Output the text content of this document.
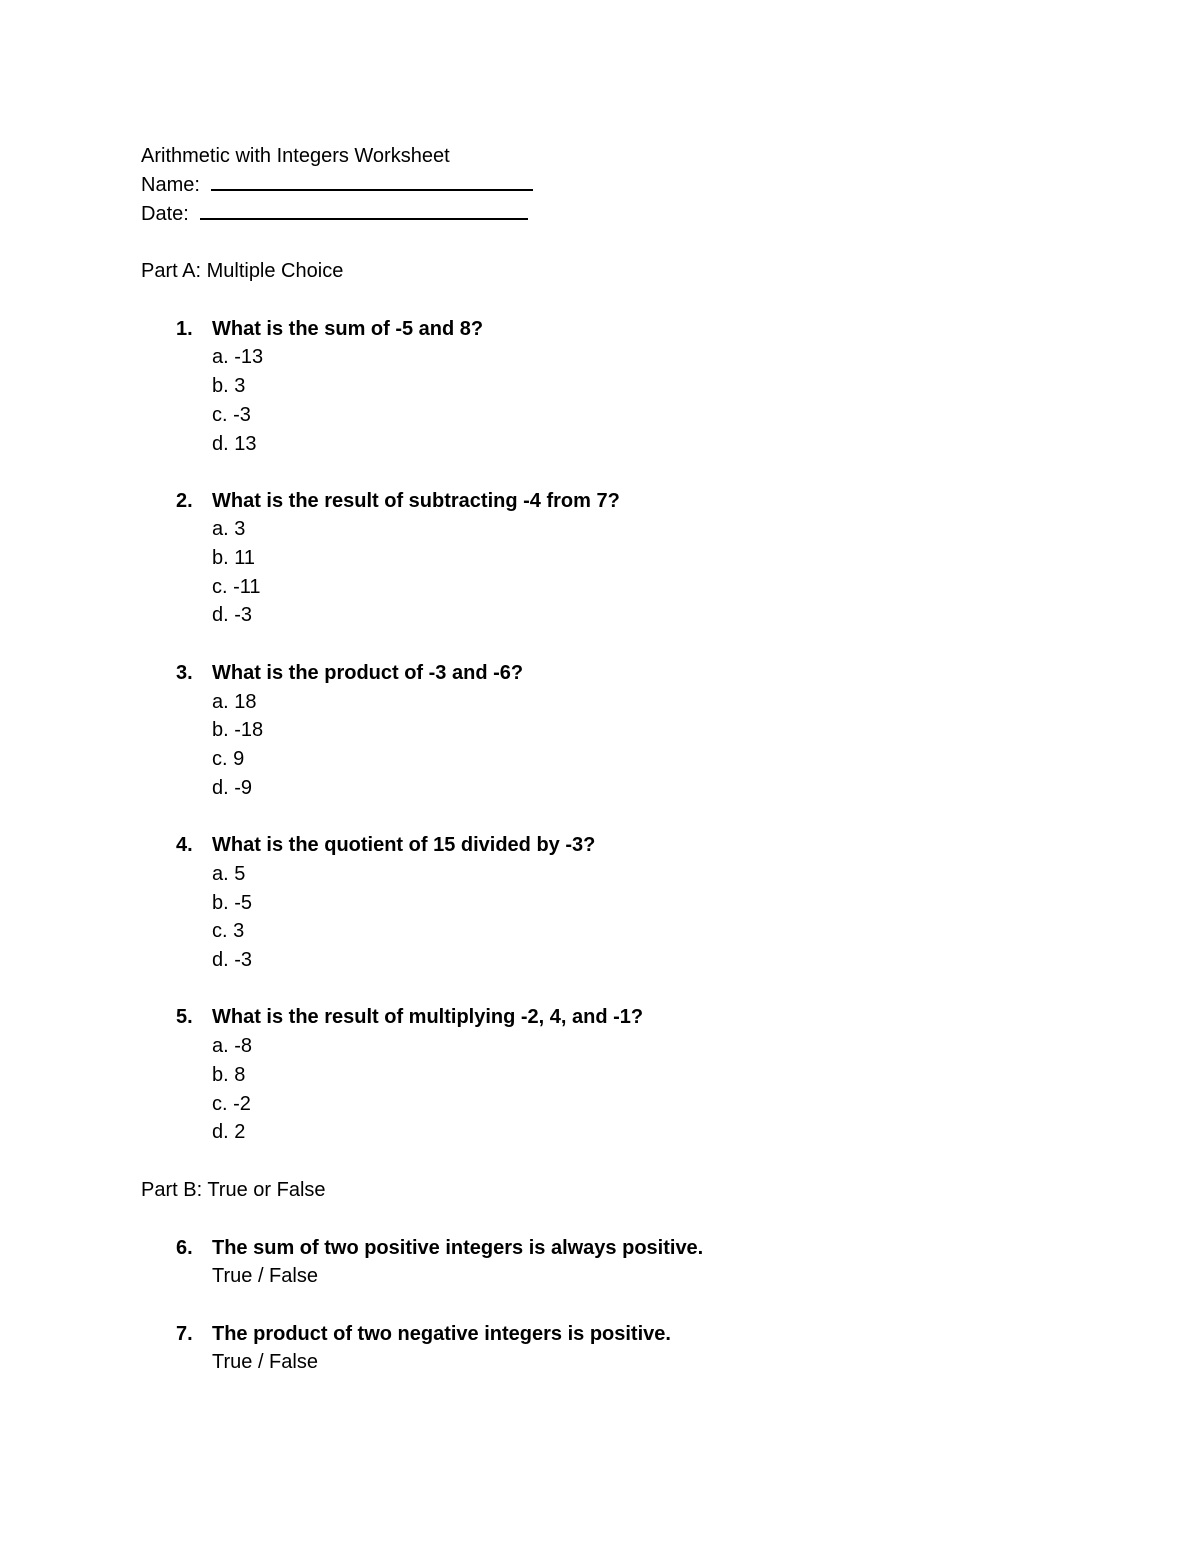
Arithmetic with Integers Worksheet
Name:
Date:
Part A: Multiple Choice
1. What is the sum of -5 and 8?
a. -13
b. 3
c. -3
d. 13
2. What is the result of subtracting -4 from 7?
a. 3
b. 11
c. -11
d. -3
3. What is the product of -3 and -6?
a. 18
b. -18
c. 9
d. -9
4. What is the quotient of 15 divided by -3?
a. 5
b. -5
c. 3
d. -3
5. What is the result of multiplying -2, 4, and -1?
a. -8
b. 8
c. -2
d. 2
Part B: True or False
6. The sum of two positive integers is always positive.
True / False
7. The product of two negative integers is positive.
True / False
